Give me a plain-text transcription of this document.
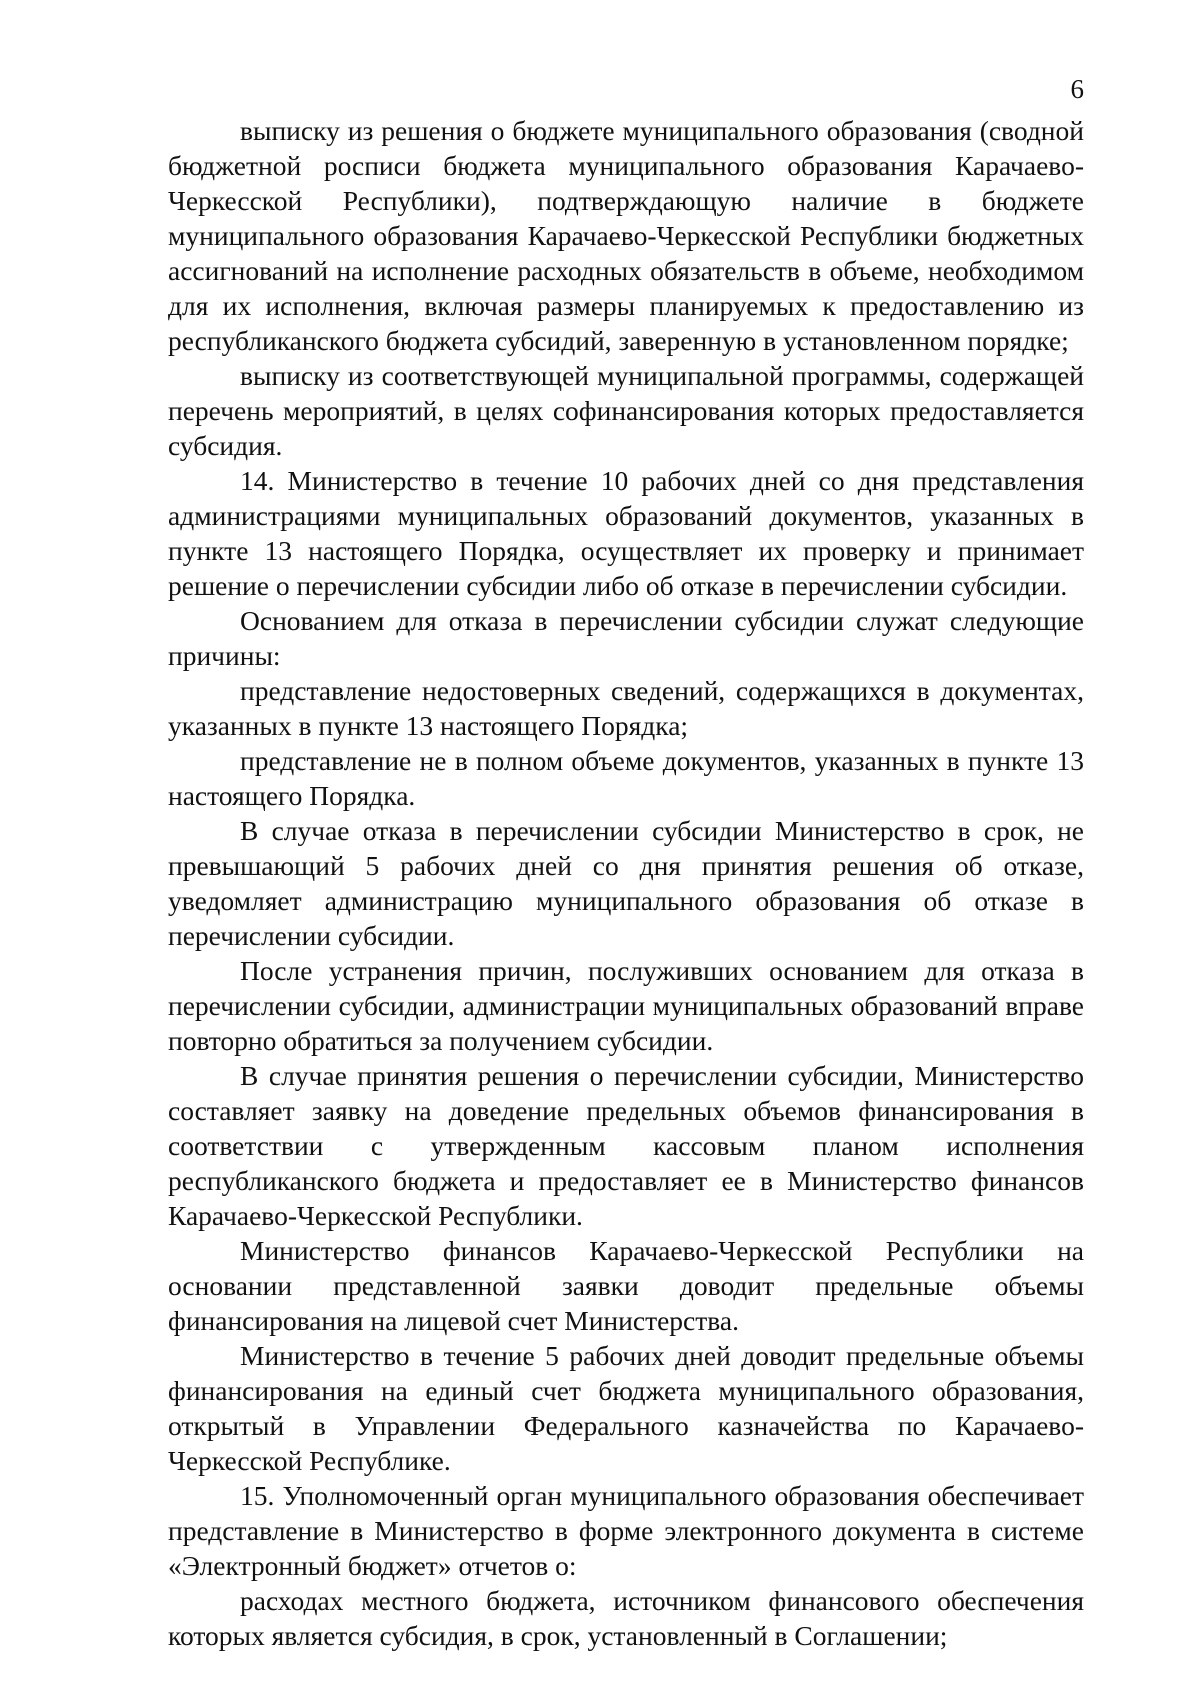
6

выписку из решения о бюджете муниципального образования (сводной бюджетной росписи бюджета муниципального образования Карачаево-Черкесской Республики), подтверждающую наличие в бюджете муниципального образования Карачаево-Черкесской Республики бюджетных ассигнований на исполнение расходных обязательств в объеме, необходимом для их исполнения, включая размеры планируемых к предоставлению из республиканского бюджета субсидий, заверенную в установленном порядке;

выписку из соответствующей муниципальной программы, содержащей перечень мероприятий, в целях софинансирования которых предоставляется субсидия.

14. Министерство в течение 10 рабочих дней со дня представления администрациями муниципальных образований документов, указанных в пункте 13 настоящего Порядка, осуществляет их проверку и принимает решение о перечислении субсидии либо об отказе в перечислении субсидии.

Основанием для отказа в перечислении субсидии служат следующие причины:

представление недостоверных сведений, содержащихся в документах, указанных в пункте 13 настоящего Порядка;

представление не в полном объеме документов, указанных в пункте 13 настоящего Порядка.

В случае отказа в перечислении субсидии Министерство в срок, не превышающий 5 рабочих дней со дня принятия решения об отказе, уведомляет администрацию муниципального образования об отказе в перечислении субсидии.

После устранения причин, послуживших основанием для отказа в перечислении субсидии, администрации муниципальных образований вправе повторно обратиться за получением субсидии.

В случае принятия решения о перечислении субсидии, Министерство составляет заявку на доведение предельных объемов финансирования в соответствии с утвержденным кассовым планом исполнения республиканского бюджета и предоставляет ее в Министерство финансов Карачаево-Черкесской Республики.

Министерство финансов Карачаево-Черкесской Республики на основании представленной заявки доводит предельные объемы финансирования на лицевой счет Министерства.

Министерство в течение 5 рабочих дней доводит предельные объемы финансирования на единый счет бюджета муниципального образования, открытый в Управлении Федерального казначейства по Карачаево-Черкесской Республике.

15. Уполномоченный орган муниципального образования обеспечивает представление в Министерство в форме электронного документа в системе «Электронный бюджет» отчетов о:

расходах местного бюджета, источником финансового обеспечения которых является субсидия, в срок, установленный в Соглашении;
